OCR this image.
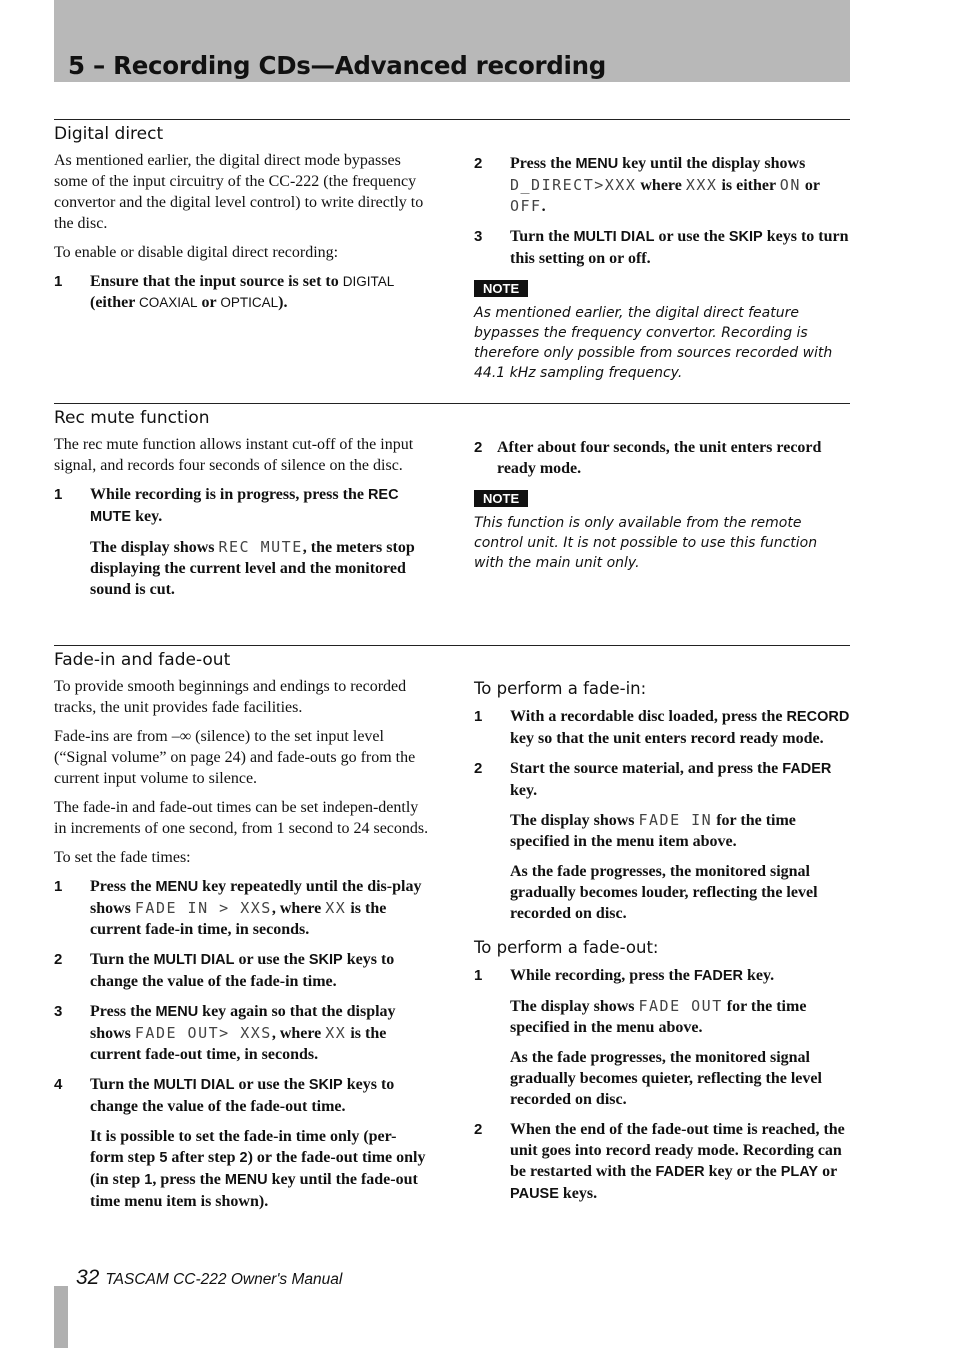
5 – Recording CDs—Advanced recording
Digital direct

As mentioned earlier, the digital direct mode bypasses some of the input circuitry of the CC-222 (the frequency convertor and the digital level control) to write directly to the disc.

To enable or disable digital direct recording:

1 Ensure that the input source is set to DIGITAL (either COAXIAL or OPTICAL).
2 Press the MENU key until the display shows D_DIRECT>XXX where XXX is either ON or OFF.
3 Turn the MULTI DIAL or use the SKIP keys to turn this setting on or off.
NOTE

As mentioned earlier, the digital direct feature bypasses the frequency convertor. Recording is therefore only possible from sources recorded with 44.1 kHz sampling frequency.

Rec mute function

The rec mute function allows instant cut-off of the input signal, and records four seconds of silence on the disc.

1 While recording is in progress, press the REC MUTE key.
The display shows REC MUTE, the meters stop displaying the current level and the monitored sound is cut.
2 After about four seconds, the unit enters record ready mode.
NOTE

This function is only available from the remote control unit. It is not possible to use this function with the main unit only.

Fade-in and fade-out

To provide smooth beginnings and endings to recorded tracks, the unit provides fade facilities.

Fade-ins are from –∞ (silence) to the set input level (“Signal volume” on page 24) and fade-outs go from the current input volume to silence.

The fade-in and fade-out times can be set indepen-dently in increments of one second, from 1 second to 24 seconds.

To set the fade times:

1 Press the MENU key repeatedly until the dis-play shows FADE IN > XXS, where XX is the current fade-in time, in seconds.
2 Turn the MULTI DIAL or use the SKIP keys to change the value of the fade-in time.
3 Press the MENU key again so that the display shows FADE OUT> XXS, where XX is the current fade-out time, in seconds.
4 Turn the MULTI DIAL or use the SKIP keys to change the value of the fade-out time.
It is possible to set the fade-in time only (per-form step 5 after step 2) or the fade-out time only (in step 1, press the MENU key until the fade-out time menu item is shown).
To perform a fade-in:
1 With a recordable disc loaded, press the RECORD key so that the unit enters record ready mode.
2 Start the source material, and press the FADER key.
The display shows FADE IN for the time specified in the menu item above.
As the fade progresses, the monitored signal gradually becomes louder, reflecting the level recorded on disc.
To perform a fade-out:
1 While recording, press the FADER key.
The display shows FADE OUT for the time specified in the menu above.
As the fade progresses, the monitored signal gradually becomes quieter, reflecting the level recorded on disc.
2 When the end of the fade-out time is reached, the unit goes into record ready mode. Recording can be restarted with the FADER key or the PLAY or PAUSE keys.
32 TASCAM CC-222 Owner's Manual
